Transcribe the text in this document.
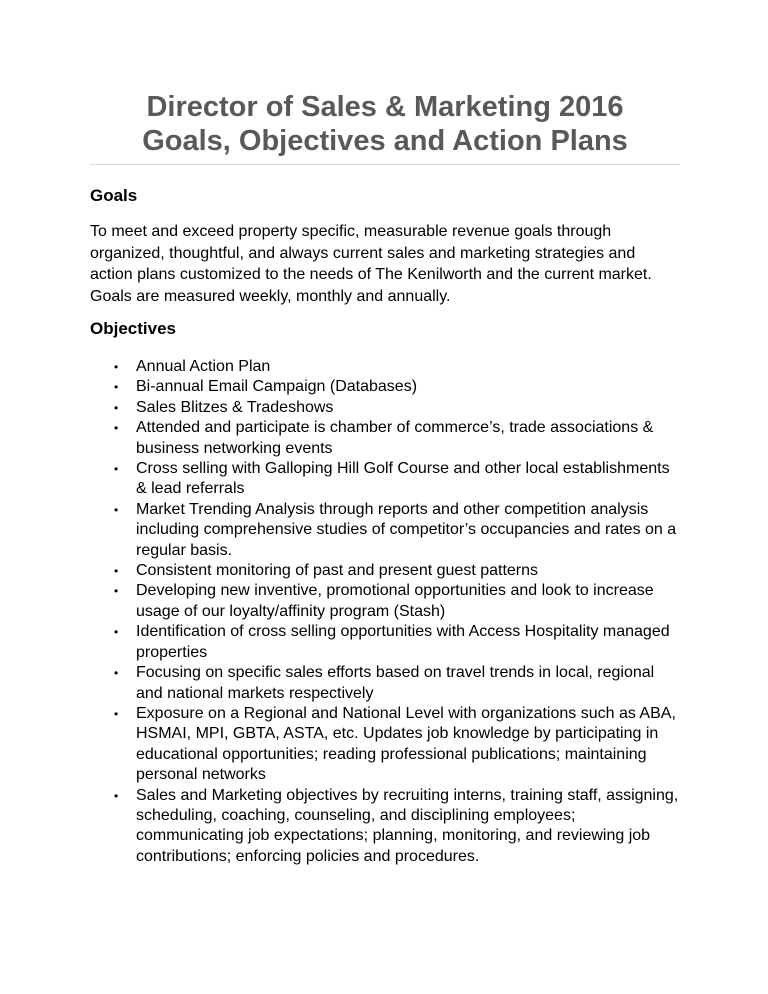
Director of Sales & Marketing 2016

Goals, Objectives and Action Plans

Goals

To meet and exceed property specific, measurable revenue goals through organized, thoughtful, and always current sales and marketing strategies and action plans customized to the needs of The Kenilworth and the current market. Goals are measured weekly, monthly and annually.

Objectives
• Annual Action Plan
• Bi-annual Email Campaign (Databases)
• Sales Blitzes & Tradeshows
• Attended and participate is chamber of commerce’s, trade associations & business networking events
• Cross selling with Galloping Hill Golf Course and other local establishments & lead referrals
• Market Trending Analysis through reports and other competition analysis including comprehensive studies of competitor’s occupancies and rates on a regular basis.
• Consistent monitoring of past and present guest patterns
• Developing new inventive, promotional opportunities and look to increase usage of our loyalty/affinity program (Stash)
• Identification of cross selling opportunities with Access Hospitality managed properties
• Focusing on specific sales efforts based on travel trends in local, regional and national markets respectively
• Exposure on a Regional and National Level with organizations such as ABA, HSMAI, MPI, GBTA, ASTA, etc. Updates job knowledge by participating in educational opportunities; reading professional publications; maintaining personal networks
• Sales and Marketing objectives by recruiting interns, training staff, assigning, scheduling, coaching, counseling, and disciplining employees; communicating job expectations; planning, monitoring, and reviewing job contributions; enforcing policies and procedures.
